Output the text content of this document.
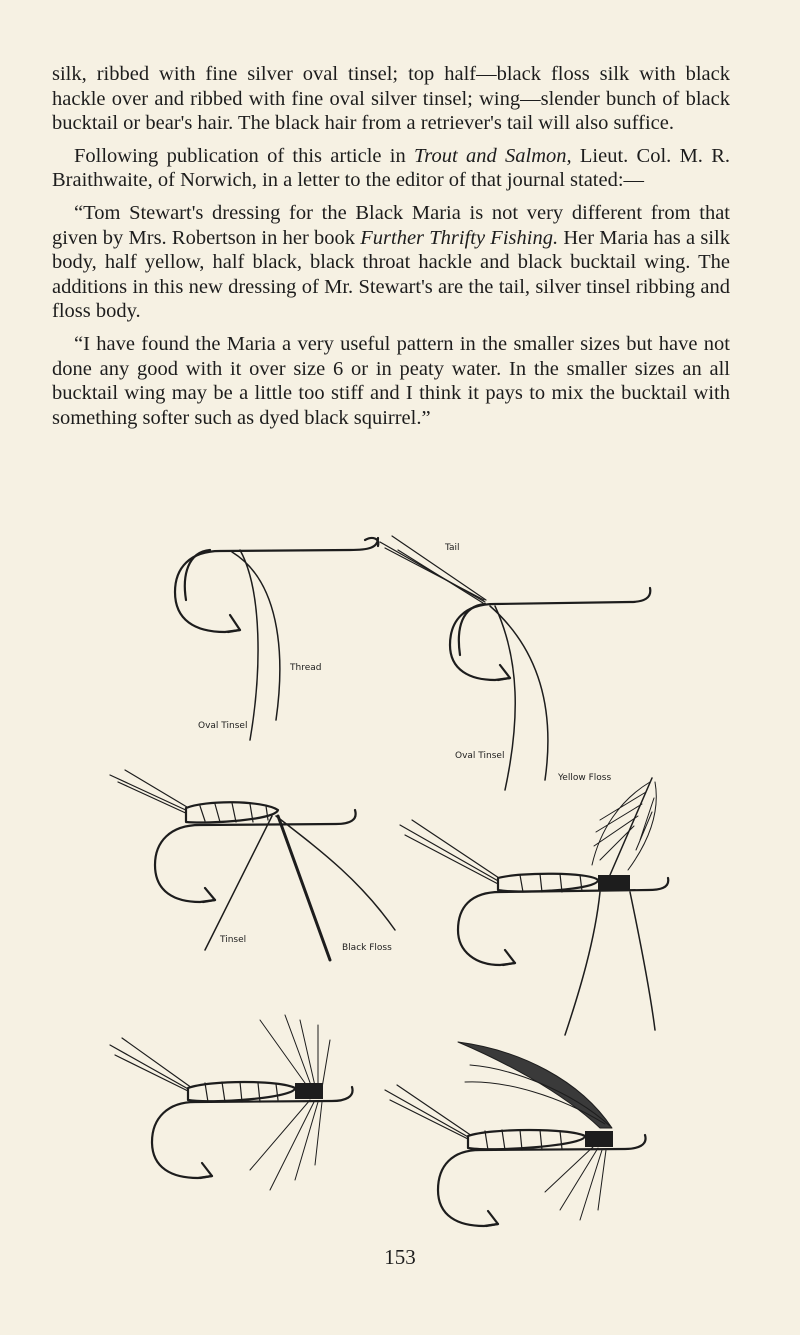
silk, ribbed with fine silver oval tinsel; top half—black floss silk with black hackle over and ribbed with fine oval silver tinsel; wing—slender bunch of black bucktail or bear's hair. The black hair from a retriever's tail will also suffice.

Following publication of this article in Trout and Salmon, Lieut. Col. M. R. Braithwaite, of Norwich, in a letter to the editor of that journal stated:—

“Tom Stewart's dressing for the Black Maria is not very different from that given by Mrs. Robertson in her book Further Thrifty Fishing. Her Maria has a silk body, half yellow, half black, black throat hackle and black bucktail wing. The additions in this new dressing of Mr. Stewart's are the tail, silver tinsel ribbing and floss body.

“I have found the Maria a very useful pattern in the smaller sizes but have not done any good with it over size 6 or in peaty water. In the smaller sizes an all bucktail wing may be a little too stiff and I think it pays to mix the bucktail with something softer such as dyed black squirrel.”

Thread
Oval Tinsel
Tail
Oval Tinsel
Yellow Floss
Tinsel
Black Floss
153
